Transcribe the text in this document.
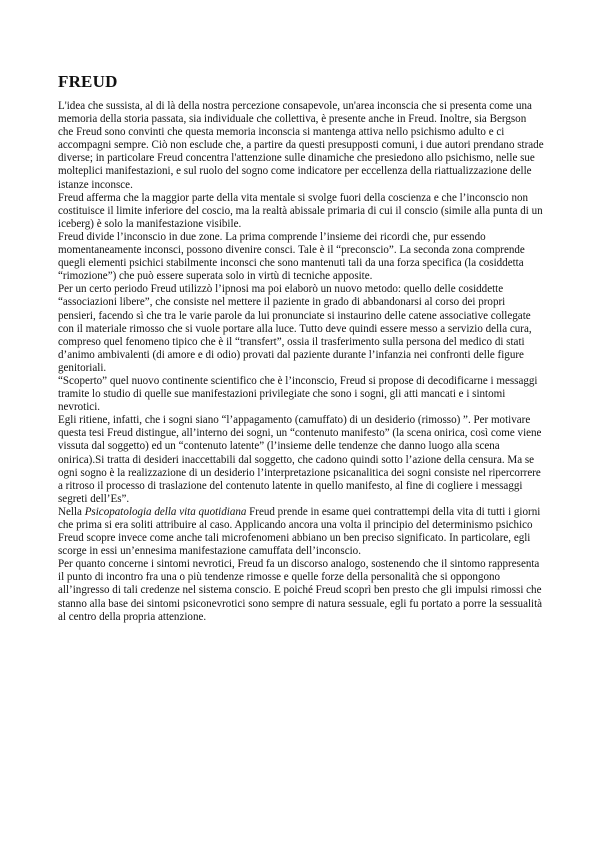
FREUD

L'idea che sussista, al di là della nostra percezione consapevole, un'area inconscia che si presenta come una memoria della storia passata, sia individuale che collettiva, è presente anche in Freud. Inoltre, sia Bergson che Freud sono convinti che questa memoria inconscia si mantenga attiva nello psichismo adulto e ci accompagni sempre. Ciò non esclude che, a partire da questi presupposti comuni, i due autori prendano strade diverse; in particolare Freud concentra l'attenzione sulle dinamiche che presiedono allo psichismo, nelle sue molteplici manifestazioni, e sul ruolo del sogno come indicatore per eccellenza della riattualizzazione delle istanze inconsce.

Freud afferma che la maggior parte della vita mentale si svolge fuori della coscienza e che l’inconscio non costituisce il limite inferiore del coscio, ma la realtà abissale primaria di cui il conscio (simile alla punta di un iceberg) è solo la manifestazione visibile.

Freud divide l’inconscio in due zone. La prima comprende l’insieme dei ricordi che, pur essendo momentaneamente inconsci, possono divenire consci. Tale è il “preconscio”. La seconda zona comprende quegli elementi psichici stabilmente inconsci che sono mantenuti tali da una forza specifica (la cosiddetta “rimozione”) che può essere superata solo in virtù di tecniche apposite.

Per un certo periodo Freud utilizzò l’ipnosi ma poi elaborò un nuovo metodo: quello delle cosiddette “associazioni libere”, che consiste nel mettere il paziente in grado di abbandonarsi al corso dei propri pensieri, facendo sì che tra le varie parole da lui pronunciate si instaurino delle catene associative collegate con il materiale rimosso che si vuole portare alla luce. Tutto deve quindi essere messo a servizio della cura, compreso quel fenomeno tipico che è il “transfert”, ossia il trasferimento sulla persona del medico di stati d’animo ambivalenti (di amore e di odio) provati dal paziente durante l’infanzia nei confronti delle figure genitoriali.

“Scoperto” quel nuovo continente scientifico che è l’inconscio, Freud si propose di decodificarne i messaggi tramite lo studio di quelle sue manifestazioni privilegiate che sono i sogni, gli atti mancati e i sintomi nevrotici.

Egli ritiene, infatti, che i sogni siano “l’appagamento (camuffato) di un desiderio (rimosso) ”. Per motivare questa tesi Freud distingue, all’interno dei sogni, un “contenuto manifesto” (la scena onirica, così come viene vissuta dal soggetto) ed un “contenuto latente” (l’insieme delle tendenze che danno luogo alla scena onirica).Si tratta di desideri inaccettabili dal soggetto, che cadono quindi sotto l’azione della censura. Ma se ogni sogno è la realizzazione di un desiderio l’interpretazione psicanalitica dei sogni consiste nel ripercorrere a ritroso il processo di traslazione del contenuto latente in quello manifesto, al fine di cogliere i messaggi segreti dell’Es”.

Nella Psicopatologia della vita quotidiana Freud prende in esame quei contrattempi della vita di tutti i giorni che prima si era soliti attribuire al caso. Applicando ancora una volta il principio del determinismo psichico Freud scopre invece come anche tali microfenomeni abbiano un ben preciso significato. In particolare, egli scorge in essi un’ennesima manifestazione camuffata dell’inconscio.

Per quanto concerne i sintomi nevrotici, Freud fa un discorso analogo, sostenendo che il sintomo rappresenta il punto di incontro fra una o più tendenze rimosse e quelle forze della personalità che si oppongono all’ingresso di tali credenze nel sistema conscio. E poiché Freud scoprì ben presto che gli impulsi rimossi che stanno alla base dei sintomi psiconevrotici sono sempre di natura sessuale, egli fu portato a porre la sessualità al centro della propria attenzione.
